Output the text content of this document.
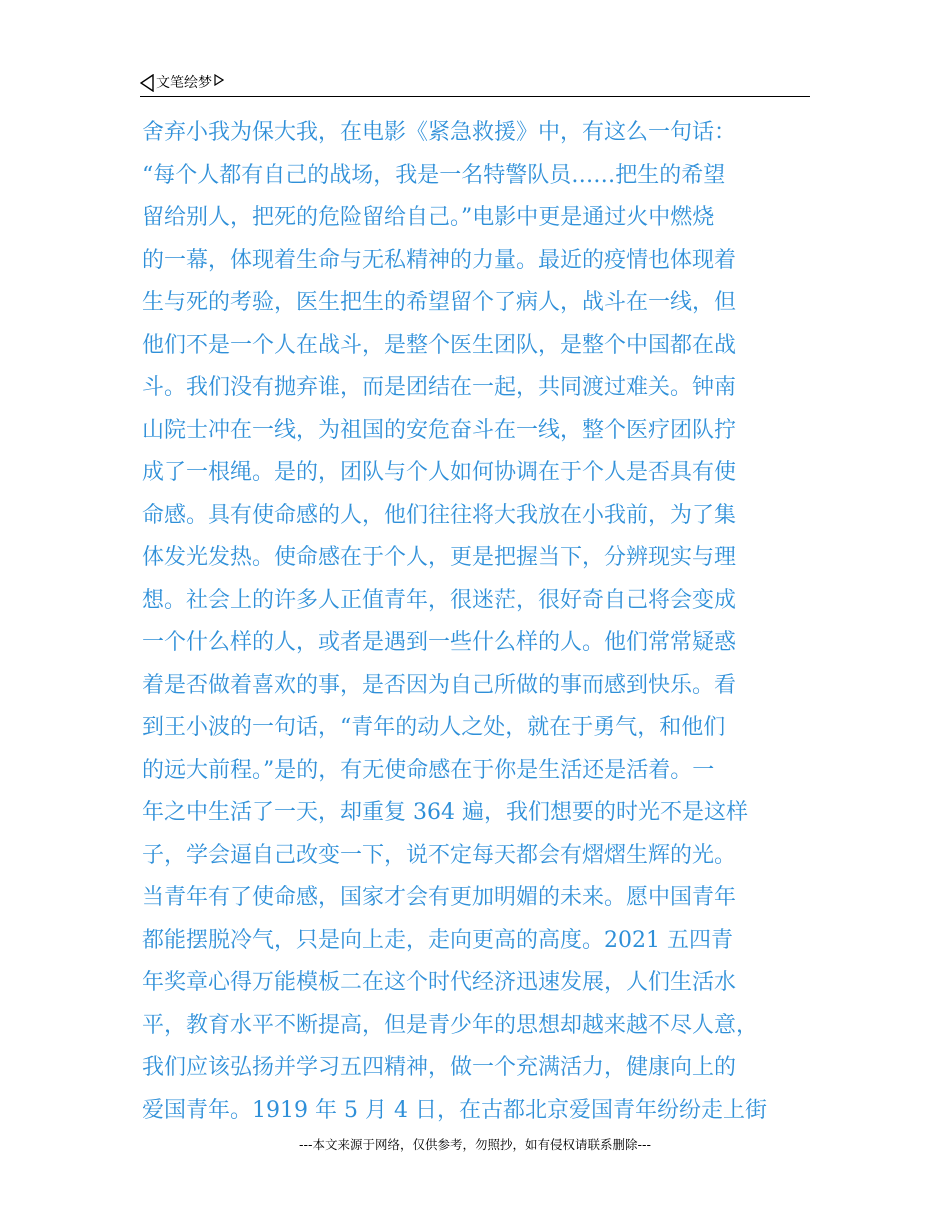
文笔绘梦
舍弃小我为保大我，在电影《紧急救援》中，有这么一句话：
“每个人都有自己的战场，我是一名特警队员……把生的希望
留给别人，把死的危险留给自己。”电影中更是通过火中燃烧
的一幕，体现着生命与无私精神的力量。最近的疫情也体现着
生与死的考验，医生把生的希望留个了病人，战斗在一线，但
他们不是一个人在战斗，是整个医生团队，是整个中国都在战
斗。我们没有抛弃谁，而是团结在一起，共同渡过难关。钟南
山院士冲在一线，为祖国的安危奋斗在一线，整个医疗团队拧
成了一根绳。是的，团队与个人如何协调在于个人是否具有使
命感。具有使命感的人，他们往往将大我放在小我前，为了集
体发光发热。使命感在于个人，更是把握当下，分辨现实与理
想。社会上的许多人正值青年，很迷茫，很好奇自己将会变成
一个什么样的人，或者是遇到一些什么样的人。他们常常疑惑
着是否做着喜欢的事，是否因为自己所做的事而感到快乐。看
到王小波的一句话，“青年的动人之处，就在于勇气，和他们
的远大前程。”是的，有无使命感在于你是生活还是活着。一
年之中生活了一天，却重复 364 遍，我们想要的时光不是这样
子，学会逼自己改变一下，说不定每天都会有熠熠生辉的光。
当青年有了使命感，国家才会有更加明媚的未来。愿中国青年
都能摆脱冷气，只是向上走，走向更高的高度。2021 五四青
年奖章心得万能模板二在这个时代经济迅速发展，人们生活水
平，教育水平不断提高，但是青少年的思想却越来越不尽人意，
我们应该弘扬并学习五四精神，做一个充满活力，健康向上的
爱国青年。1919 年 5 月 4 日，在古都北京爱国青年纷纷走上街
---本文来源于网络，仅供参考，勿照抄，如有侵权请联系删除---
